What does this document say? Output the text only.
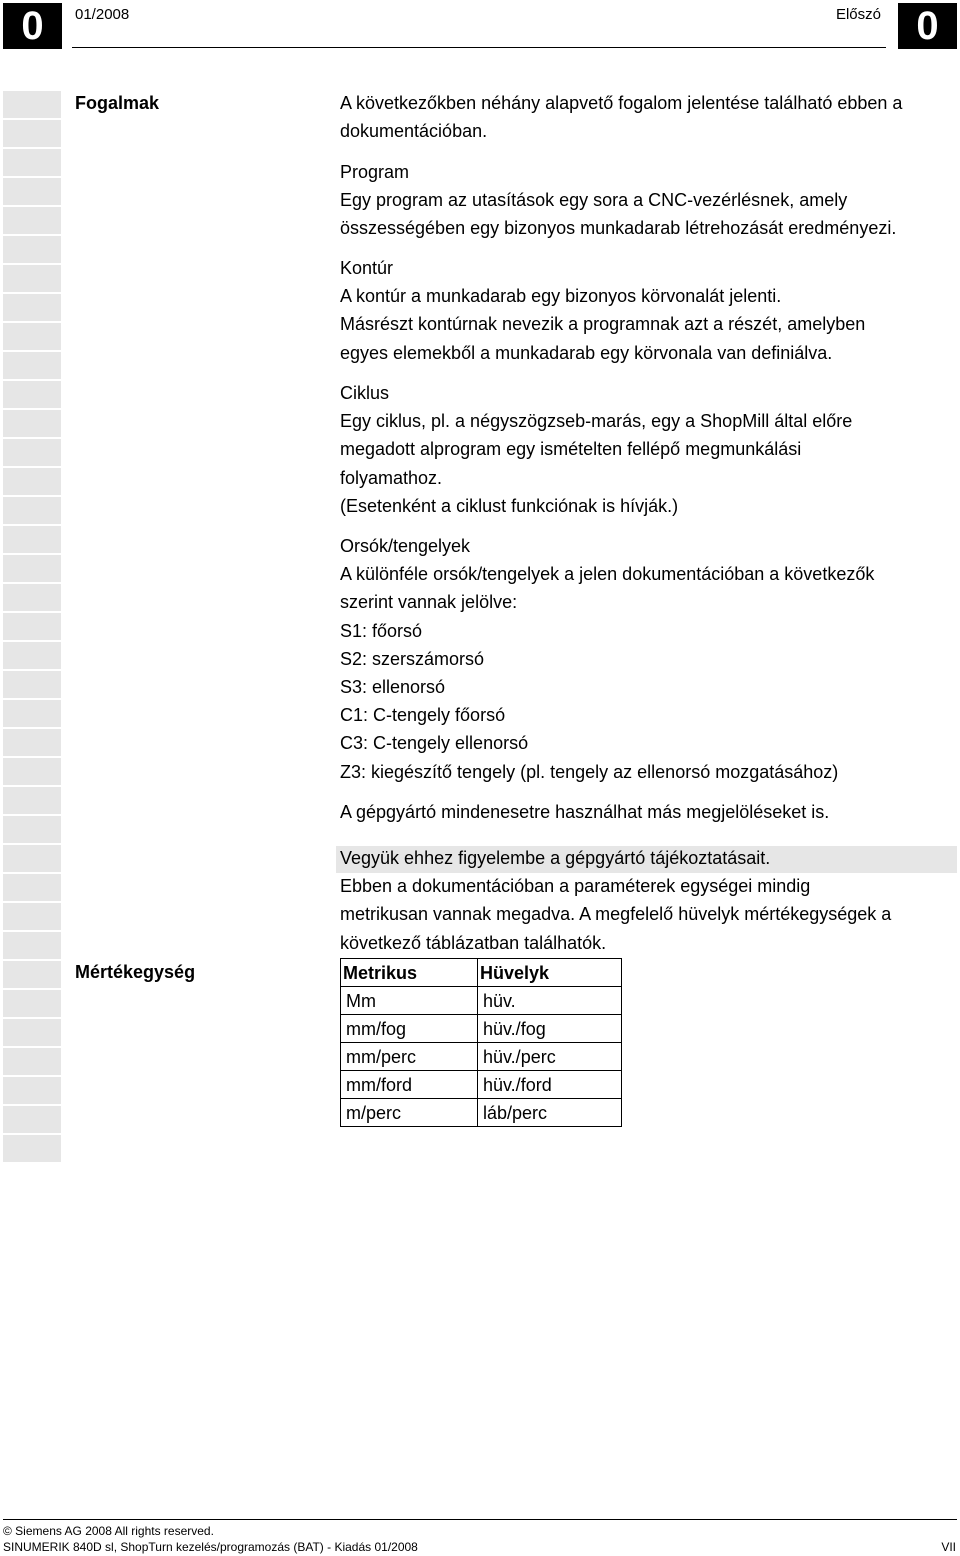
0	01/2008	Előszó 0
Fogalmak
Mértékegység

A következőkben néhány alapvető fogalom jelentése található ebben a

dokumentációban.

Program

Egy program az utasítások egy sora a CNC-vezérlésnek, amely

összességében egy bizonyos munkadarab létrehozását eredményezi.

Kontúr

A kontúr a munkadarab egy bizonyos körvonalát jelenti.

Másrészt kontúrnak nevezik a programnak azt a részét, amelyben

egyes elemekből a munkadarab egy körvonala van definiálva.

Ciklus

Egy ciklus, pl. a négyszögzseb-marás, egy a ShopMill által előre

megadott alprogram egy ismételten fellépő megmunkálási

folyamathoz.

(Esetenként a ciklust funkciónak is hívják.)

Orsók/tengelyek

A különféle orsók/tengelyek a jelen dokumentációban a következők

szerint vannak jelölve:

S1: főorsó

S2: szerszámorsó

S3: ellenorsó

C1: C-tengely főorsó

C3: C-tengely ellenorsó

Z3: kiegészítő tengely (pl. tengely az ellenorsó mozgatásához)

A gépgyártó mindenesetre használhat más megjelöléseket is.

Vegyük ehhez figyelembe a gépgyártó tájékoztatásait.

Ebben a dokumentációban a paraméterek egységei mindig

metrikusan vannak megadva. A megfelelő hüvelyk mértékegységek a

következő táblázatban találhatók.

Metrikus	Hüvelyk
Mm	hüv.
mm/fog	hüv./fog
mm/perc	hüv./perc
mm/ford	hüv./ford
m/perc	láb/perc
© Siemens AG 2008 All rights reserved.
SINUMERIK 840D sl, ShopTurn kezelés/programozás (BAT) - Kiadás 01/2008	VII
